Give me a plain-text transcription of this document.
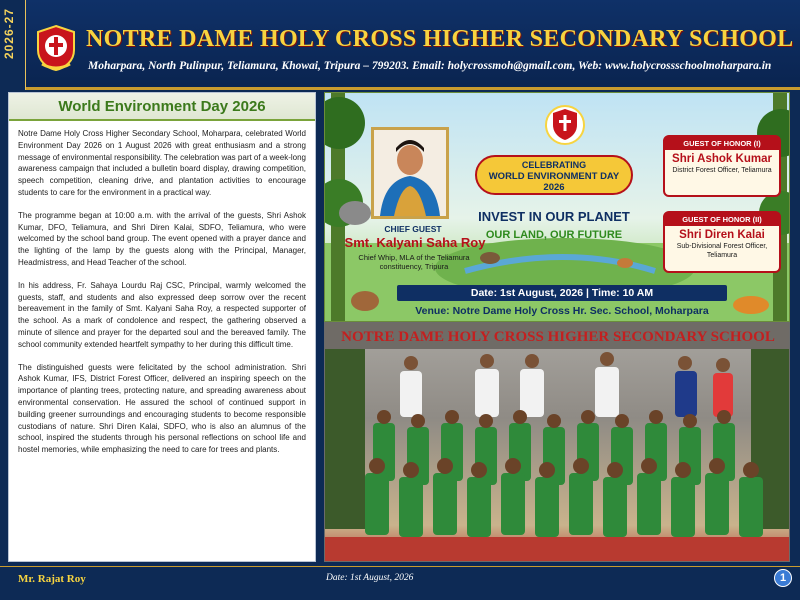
2026-27	NOTRE DAME HOLY CROSS HIGHER SECONDARY SCHOOL
Moharpara, North Pulinpur, Teliamura, Khowai, Tripura – 799203. Email: holycrossmoh@gmail.com, Web: www.holycrossschoolmoharpara.in
World Environment Day 2026

Notre Dame Holy Cross Higher Secondary School, Moharpara, celebrated World Environment Day 2026 on 1 August 2026 with great enthusiasm and a strong message of environmental responsibility. The celebration was part of a week-long awareness campaign that included a bulletin board display, drawing competition, speech competition, cleaning drive, and plantation activities to encourage students to care for the environment in a practical way.

The programme began at 10:00 a.m. with the arrival of the guests, Shri Ashok Kumar, DFO, Teliamura, and Shri Diren Kalai, SDFO, Teliamura, who were welcomed by the school band group. The event opened with a prayer dance and the lighting of the lamp by the guests along with the Principal, Manager, Headmistress, and Head Teacher of the school.

In his address, Fr. Sahaya Lourdu Raj CSC, Principal, warmly welcomed the guests, staff, and students and also expressed deep sorrow over the recent bereavement in the family of Smt. Kalyani Saha Roy, a respected supporter of the school. As a mark of condolence and respect, the gathering observed a minute of silence and prayer for the departed soul and the bereaved family. The school community extended heartfelt sympathy to her during this difficult time.

The distinguished guests were felicitated by the school administration. Shri Ashok Kumar, IFS, District Forest Officer, delivered an inspiring speech on the importance of planting trees, protecting nature, and spreading awareness about environmental conservation. He assured the school of continued support in building greener surroundings and encouraging students to become responsible custodians of nature. Shri Diren Kalai, SDFO, who is also an alumnus of the school, inspired the students through his personal reflections on school life and hostel memories, while emphasizing the need to care for trees and plants.

CHIEF GUEST
Smt. Kalyani Saha Roy
Chief Whip, MLA of the Teliamura constituency, Tripura
CELEBRATING
WORLD ENVIRONMENT DAY 2026
INVEST IN OUR PLANET
OUR LAND, OUR FUTURE
GUEST OF HONOR (I)
Shri Ashok Kumar
District Forest Officer, Teliamura
GUEST OF HONOR (II)
Shri Diren Kalai
Sub-Divisional Forest Officer, Teliamura
Date: 1st August, 2026 | Time: 10 AM
Venue: Notre Dame Holy Cross Hr. Sec. School, Moharpara
NOTRE DAME HOLY CROSS HIGHER SECONDARY SCHOOL
Mr. Rajat Roy	Date: 1st August, 2026	1
